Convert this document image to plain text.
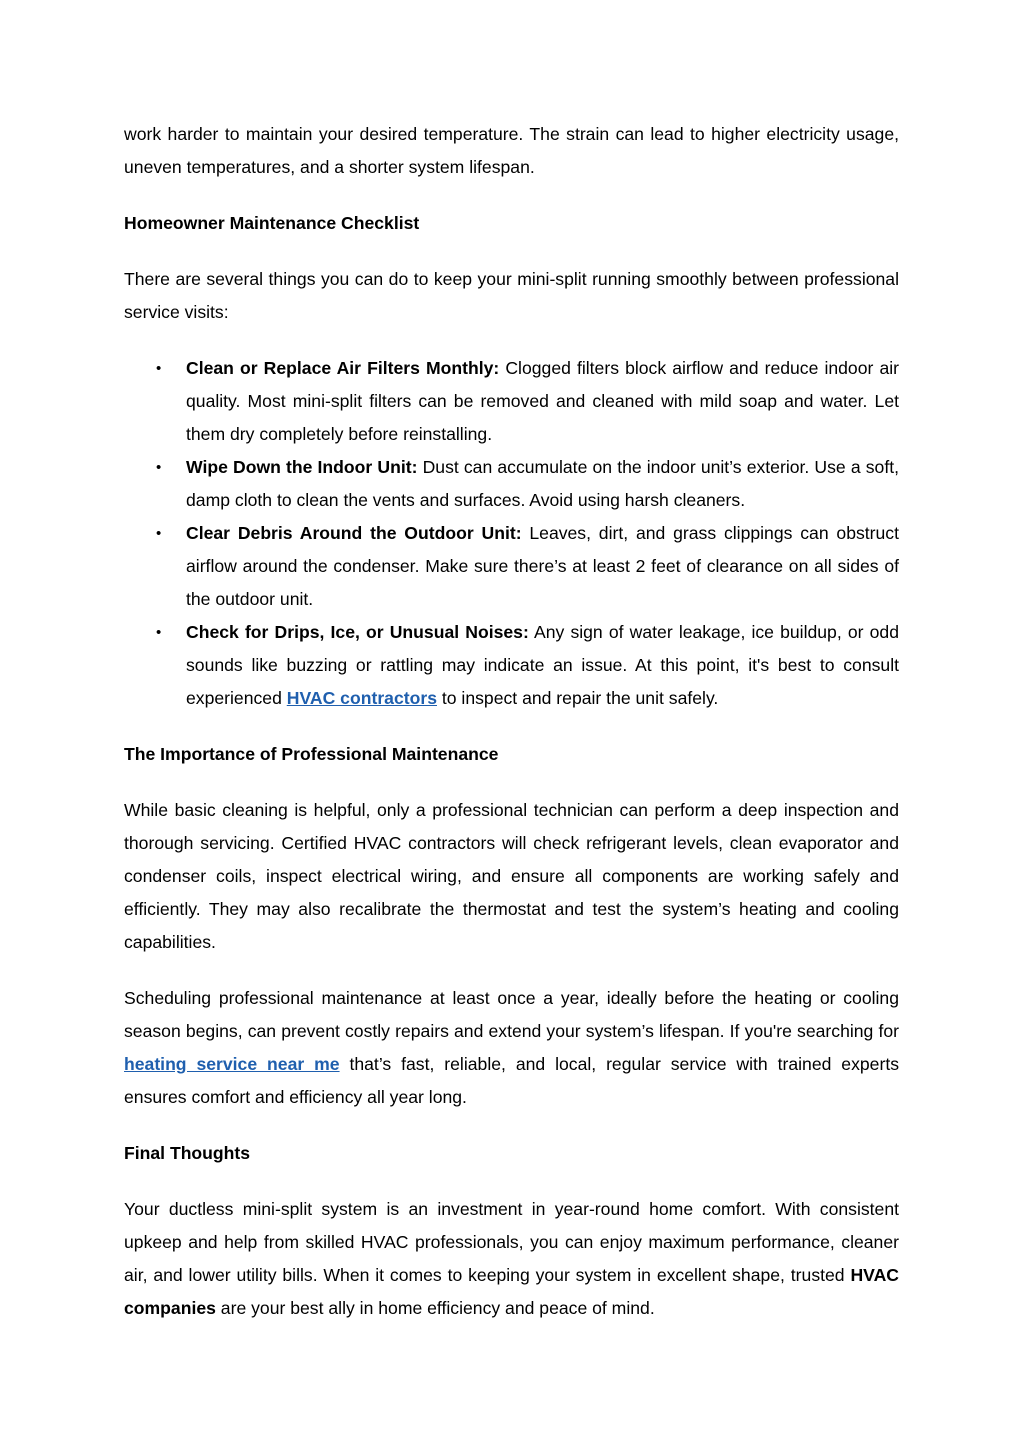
work harder to maintain your desired temperature. The strain can lead to higher electricity usage, uneven temperatures, and a shorter system lifespan.

Homeowner Maintenance Checklist

There are several things you can do to keep your mini-split running smoothly between professional service visits:

• Clean or Replace Air Filters Monthly: Clogged filters block airflow and reduce indoor air quality. Most mini-split filters can be removed and cleaned with mild soap and water. Let them dry completely before reinstalling.
• Wipe Down the Indoor Unit: Dust can accumulate on the indoor unit’s exterior. Use a soft, damp cloth to clean the vents and surfaces. Avoid using harsh cleaners.
• Clear Debris Around the Outdoor Unit: Leaves, dirt, and grass clippings can obstruct airflow around the condenser. Make sure there’s at least 2 feet of clearance on all sides of the outdoor unit.
• Check for Drips, Ice, or Unusual Noises: Any sign of water leakage, ice buildup, or odd sounds like buzzing or rattling may indicate an issue. At this point, it's best to consult experienced HVAC contractors to inspect and repair the unit safely.

The Importance of Professional Maintenance

While basic cleaning is helpful, only a professional technician can perform a deep inspection and thorough servicing. Certified HVAC contractors will check refrigerant levels, clean evaporator and condenser coils, inspect electrical wiring, and ensure all components are working safely and efficiently. They may also recalibrate the thermostat and test the system’s heating and cooling capabilities.

Scheduling professional maintenance at least once a year, ideally before the heating or cooling season begins, can prevent costly repairs and extend your system’s lifespan. If you're searching for heating service near me that’s fast, reliable, and local, regular service with trained experts ensures comfort and efficiency all year long.

Final Thoughts

Your ductless mini-split system is an investment in year-round home comfort. With consistent upkeep and help from skilled HVAC professionals, you can enjoy maximum performance, cleaner air, and lower utility bills. When it comes to keeping your system in excellent shape, trusted HVAC companies are your best ally in home efficiency and peace of mind.
